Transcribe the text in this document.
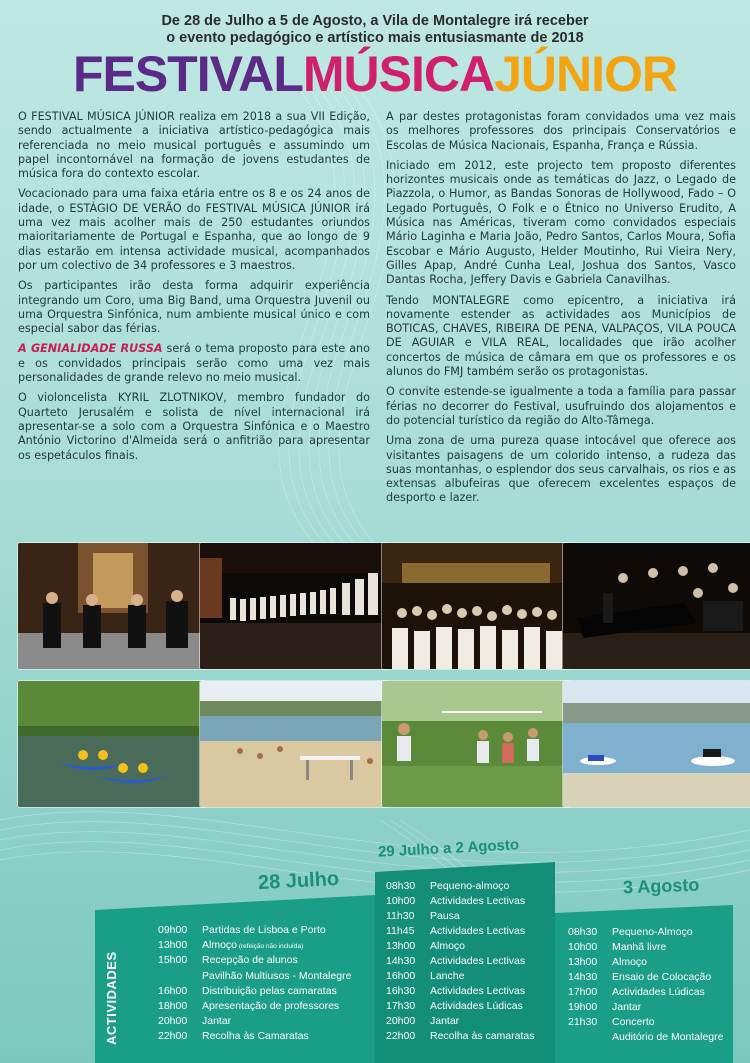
De 28 de Julho a 5 de Agosto, a Vila de Montalegre irá receber
o evento pedagógico e artístico mais entusiasmante de 2018
FESTIVALMÚSICAJÚNIOR

O FESTIVAL MÚSICA JÚNIOR realiza em 2018 a sua VII Edição, sendo actualmente a iniciativa artístico-pedagógica mais referenciada no meio musical português e assumindo um papel incontornável na formação de jovens estudantes de música fora do contexto escolar.

Vocacionado para uma faixa etária entre os 8 e os 24 anos de idade, o ESTÁGIO DE VERÃO do FESTIVAL MÚSICA JÚNIOR irá uma vez mais acolher mais de 250 estudantes oriundos maioritariamente de Portugal e Espanha, que ao longo de 9 dias estarão em intensa actividade musical, acompanhados por um colectivo de 34 professores e 3 maestros.

Os participantes irão desta forma adquirir experiência integrando um Coro, uma Big Band, uma Orquestra Juvenil ou uma Orquestra Sinfónica, num ambiente musical único e com especial sabor das férias.

A GENIALIDADE RUSSA será o tema proposto para este ano e os convidados principais serão como uma vez mais personalidades de grande relevo no meio musical.

O violoncelista KYRIL ZLOTNIKOV, membro fundador do Quarteto Jerusalém e solista de nível internacional irá apresentar-se a solo com a Orquestra Sinfónica e o Maestro António Victorino d'Almeida será o anfitrião para apresentar os espetáculos finais.

A par destes protagonistas foram convidados uma vez mais os melhores professores dos principais Conservatórios e Escolas de Música Nacionais, Espanha, França e Rússia.

Iniciado em 2012, este projecto tem proposto diferentes horizontes musicais onde as temáticas do Jazz, o Legado de Piazzola, o Humor, as Bandas Sonoras de Hollywood, Fado – O Legado Português, O Folk e o Étnico no Universo Erudito, A Música nas Américas, tiveram como convidados especiais Mário Laginha e Maria João, Pedro Santos, Carlos Moura, Sofia Escobar e Mário Augusto, Helder Moutinho, Rui Vieira Nery, Gilles Apap, André Cunha Leal, Joshua dos Santos, Vasco Dantas Rocha, Jeffery Davis e Gabriela Canavilhas.

Tendo MONTALEGRE como epicentro, a iniciativa irá novamente estender as actividades aos Municípios de BOTICAS, CHAVES, RIBEIRA DE PENA, VALPAÇOS, VILA POUCA DE AGUIAR e VILA REAL, localidades que irão acolher concertos de música de câmara em que os professores e os alunos do FMJ também serão os protagonistas.

O convite estende-se igualmente a toda a família para passar férias no decorrer do Festival, usufruindo dos alojamentos e do potencial turístico da região do Alto-Tâmega.

Uma zona de uma pureza quase intocável que oferece aos visitantes paisagens de um colorido intenso, a rudeza das suas montanhas, o esplendor dos seus carvalhais, os rios e as extensas albufeiras que oferecem excelentes espaços de desporto e lazer.

ACTIVIDADES
28 Julho
29 Julho a 2 Agosto
3 Agosto
09h00 Partidas de Lisboa e Porto
13h00 Almoço (refeição não incluída)
15h00 Recepção de alunos
Pavilhão Multiusos - Montalegre
16h00 Distribuição pelas camaratas
18h00 Apresentação de professores
20h00 Jantar
22h00 Recolha às Camaratas
08h30 Pequeno-almoço
10h00 Actividades Lectivas
11h30 Pausa
11h45 Actividades Lectivas
13h00 Almoço
14h30 Actividades Lectivas
16h00 Lanche
16h30 Actividades Lectivas
17h30 Actividades Lúdicas
20h00 Jantar
22h00 Recolha às camaratas
08h30 Pequeno-Almoço
10h00 Manhã livre
13h00 Almoço
14h30 Ensaio de Colocação
17h00 Actividades Lúdicas
19h00 Jantar
21h30 Concerto
Auditório de Montalegre
